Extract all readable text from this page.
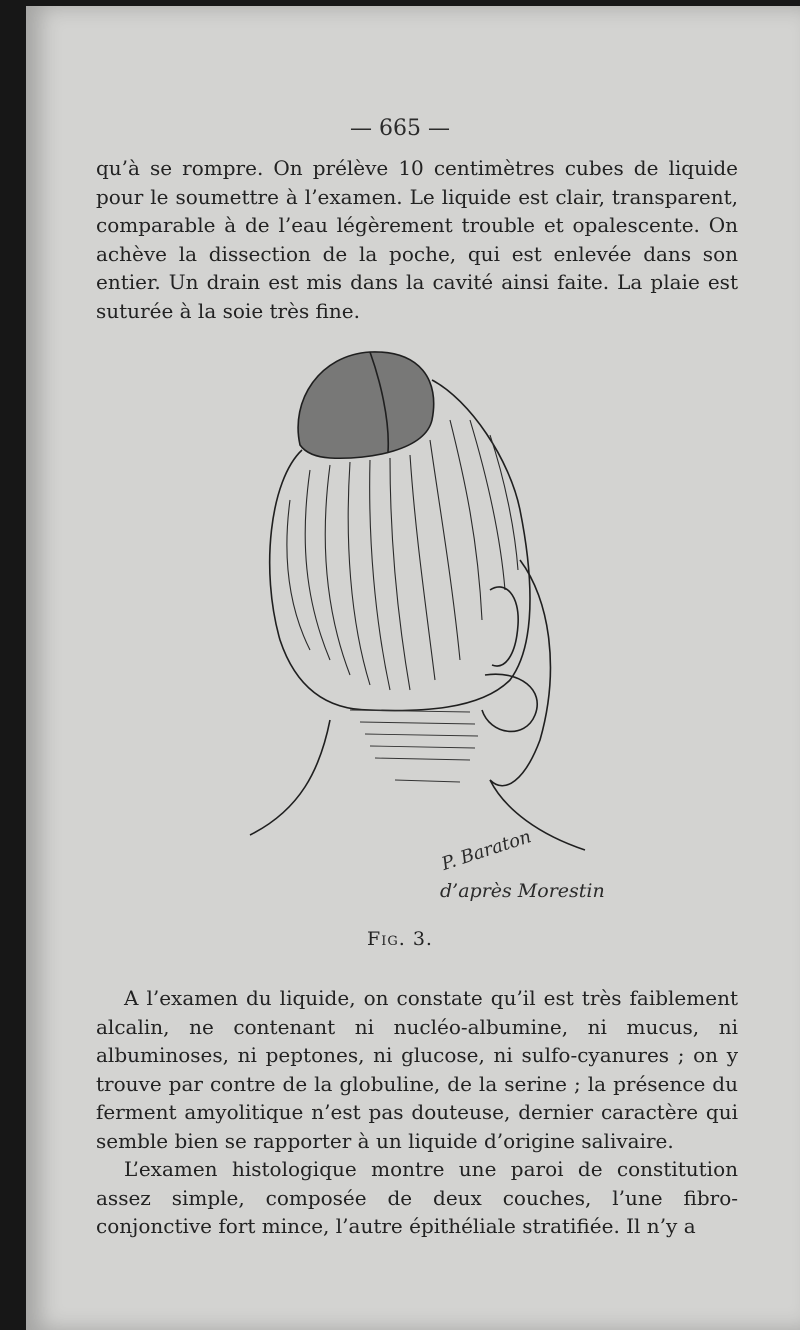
— 665 —

qu’à se rompre. On prélève 10 centimètres cubes de liquide pour le soumettre à l’examen. Le liquide est clair, transparent, comparable à de l’eau légèrement trouble et opalescente. On achève la dissection de la poche, qui est enlevée dans son entier. Un drain est mis dans la cavité ainsi faite. La plaie est suturée à la soie très fine.

P. Baraton
d’après Morestin
Fig. 3.

A l’examen du liquide, on constate qu’il est très faiblement alcalin, ne contenant ni nucléo-albumine, ni mucus, ni albuminoses, ni peptones, ni glucose, ni sulfo-cyanures ; on y trouve par contre de la globuline, de la serine ; la présence du ferment amyolitique n’est pas douteuse, dernier caractère qui semble bien se rapporter à un liquide d’origine salivaire.

L’examen histologique montre une paroi de constitution assez simple, composée de deux couches, l’une fibro-conjonctive fort mince, l’autre épithéliale stratifiée. Il n’y a
